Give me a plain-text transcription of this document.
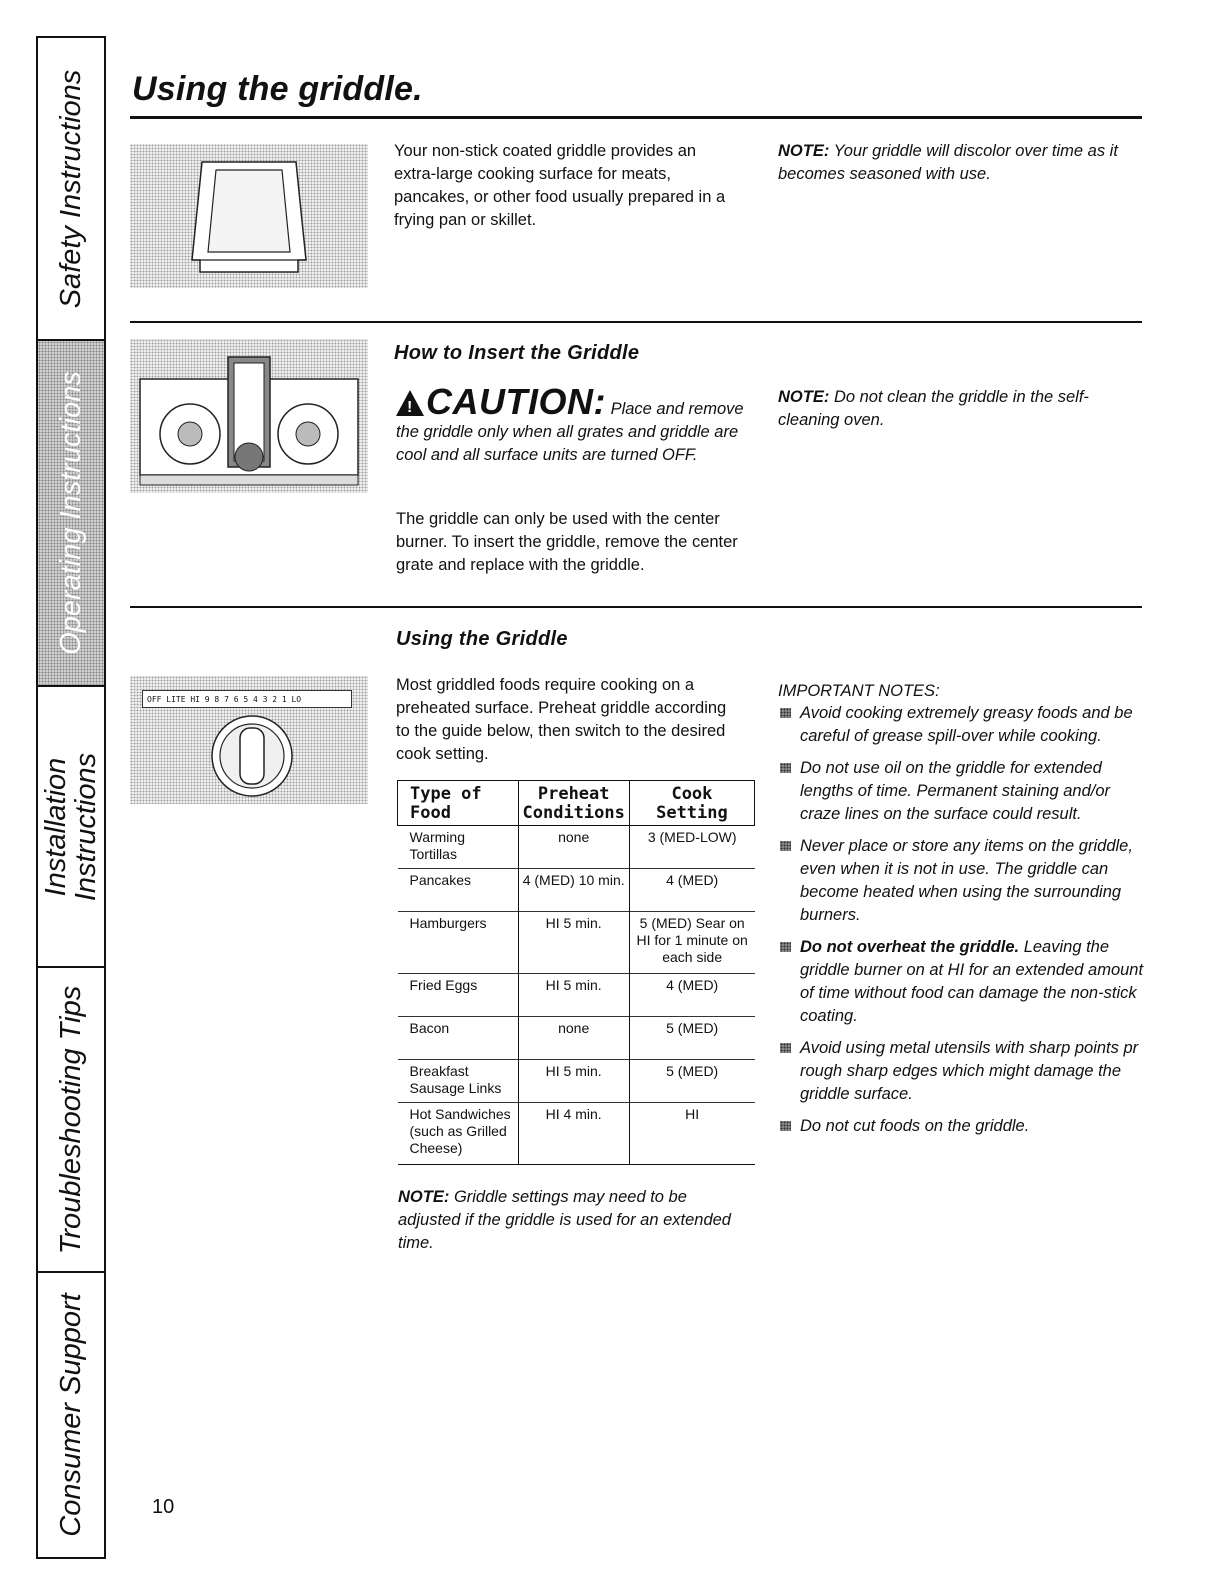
Safety Instructions
Operating Instructions
Installation
Instructions
Troubleshooting Tips
Consumer Support
Using the griddle.
Your non-stick coated griddle provides an extra-large cooking surface for meats, pancakes, or other food usually prepared in a frying pan or skillet.
NOTE: Your griddle will discolor over time as it becomes seasoned with use.
How to Insert the Griddle
!CAUTION: Place and remove the griddle only when all grates and griddle are cool and all surface units are turned OFF.
The griddle can only be used with the center burner. To insert the griddle, remove the center grate and replace with the griddle.
NOTE: Do not clean the griddle in the self-cleaning oven.
Using the Griddle
OFF LITE HI 9 8 7 6 5 4 3 2 1 LO
Most griddled foods require cooking on a preheated surface. Preheat griddle according to the guide below, then switch to the desired cook setting.
Type of Food	Preheat Conditions	Cook Setting
Warming Tortillas	none	3 (MED-LOW)
Pancakes	4 (MED) 10 min.	4 (MED)
Hamburgers	HI 5 min.	5 (MED) Sear on HI for 1 minute on each side
Fried Eggs	HI 5 min.	4 (MED)
Bacon	none	5 (MED)
Breakfast Sausage Links	HI 5 min.	5 (MED)
Hot Sandwiches (such as Grilled Cheese)	HI 4 min.	HI
NOTE: Griddle settings may need to be adjusted if the griddle is used for an extended time.
IMPORTANT NOTES:
Avoid cooking extremely greasy foods and be careful of grease spill-over while cooking.
Do not use oil on the griddle for extended lengths of time. Permanent staining and/or craze lines on the surface could result.
Never place or store any items on the griddle, even when it is not in use. The griddle can become heated when using the surrounding burners.
Do not overheat the griddle. Leaving the griddle burner on at HI for an extended amount of time without food can damage the non-stick coating.
Avoid using metal utensils with sharp points pr rough sharp edges which might damage the griddle surface.
Do not cut foods on the griddle.
10
